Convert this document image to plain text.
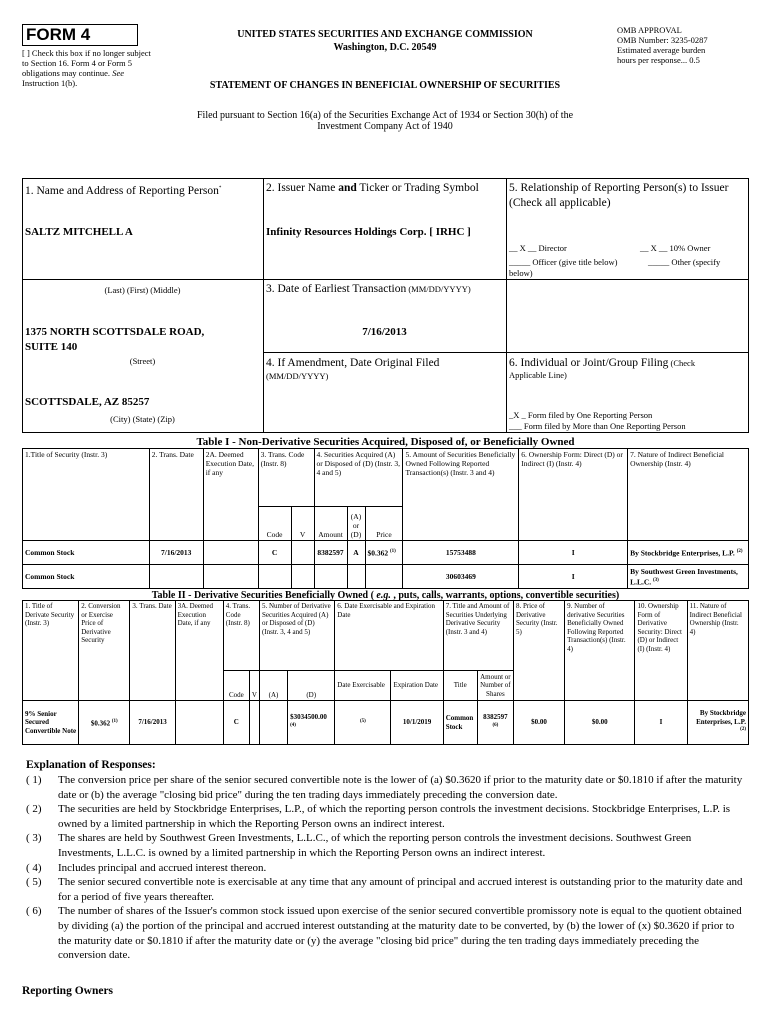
FORM 4
[ ] Check this box if no longer subject to Section 16. Form 4 or Form 5 obligations may continue. See Instruction 1(b).
UNITED STATES SECURITIES AND EXCHANGE COMMISSION
Washington, D.C. 20549
STATEMENT OF CHANGES IN BENEFICIAL OWNERSHIP OF SECURITIES
OMB APPROVAL
OMB Number: 3235-0287
Estimated average burden
hours per response... 0.5
Filed pursuant to Section 16(a) of the Securities Exchange Act of 1934 or Section 30(h) of the
Investment Company Act of 1940
1. Name and Address of Reporting Person*
SALTZ MITCHELL A
(Last) (First) (Middle)
1375 NORTH SCOTTSDALE ROAD,
SUITE 140
(Street)
SCOTTSDALE, AZ 85257
(City) (State) (Zip)
2. Issuer Name and Ticker or Trading Symbol
Infinity Resources Holdings Corp. [ IRHC ]
3. Date of Earliest Transaction (MM/DD/YYYY)
7/16/2013
4. If Amendment, Date Original Filed
(MM/DD/YYYY)
5. Relationship of Reporting Person(s) to Issuer
(Check all applicable)
__ X __ Director	__ X __ 10% Owner
_____ Officer (give title below)	_____ Other (specify
below)
6. Individual or Joint/Group Filing (Check
Applicable Line)
_X _ Form filed by One Reporting Person
___ Form filed by More than One Reporting Person
Table I - Non-Derivative Securities Acquired, Disposed of, or Beneficially Owned
1.Title of Security (Instr. 3)	2. Trans. Date	2A. Deemed Execution Date, if any	3. Trans. Code (Instr. 8)		4. Securities Acquired (A) or Disposed of (D) (Instr. 3, 4 and 5)			5. Amount of Securities Beneficially Owned Following Reported Transaction(s) (Instr. 3 and 4)	6. Ownership Form: Direct (D) or Indirect (I) (Instr. 4)	7. Nature of Indirect Beneficial Ownership (Instr. 4)
			Code	V	Amount	(A) or (D)	Price			
Common Stock	7/16/2013		C		8382597	A	$0.362 $^{(1)}$	15753488	I	By Stockbridge Enterprises, L.P. $^{(2)}$
Common Stock								30603469	I	By Southwest Green Investments, L.L.C. $^{(3)}$
Table II - Derivative Securities Beneficially Owned ( e.g. , puts, calls, warrants, options, convertible securities)
1. Title of Derivate Security (Instr. 3)	2. Conversion or Exercise Price of Derivative Security	3. Trans. Date	3A. Deemed Execution Date, if any	4. Trans. Code (Instr. 8)		5. Number of Derivative Securities Acquired (A) or Disposed of (D) (Instr. 3, 4 and 5)		6. Date Exercisable and Expiration Date		7. Title and Amount of Securities Underlying Derivative Security (Instr. 3 and 4)		8. Price of Derivative Security (Instr. 5)	9. Number of derivative Securities Beneficially Owned Following Reported Transaction(s) (Instr. 4)	10. Ownership Form of Derivative Security: Direct (D) or Indirect (I) (Instr. 4)	11. Nature of Indirect Beneficial Ownership (Instr. 4)
				Code	V	(A)	(D)	Date Exercisable	Expiration Date	Title	Amount or Number of Shares				
9% Senior Secured Convertible Note	$0.362 $^{(1)}$	7/16/2013		C			$3034500.00 $^{(4)}$	$^{(5)}$	10/1/2019	Common Stock	8382597 $^{(6)}$	$0.00	$0.00	I	By Stockbridge Enterprises, L.P. $^{(2)}$
Explanation of Responses:
( 1)	The conversion price per share of the senior secured convertible note is the lower of (a) $0.3620 if prior to the maturity date or $0.1810 if after the maturity date or (b) the average "closing bid price" during the ten trading days immediately preceding the conversion date.
( 2)	The securities are held by Stockbridge Enterprises, L.P., of which the reporting person controls the investment decisions. Stockbridge Enterprises, L.P. is owned by a limited partnership in which the Reporting Person owns an indirect interest.
( 3)	The shares are held by Southwest Green Investments, L.L.C., of which the reporting person controls the investment decisions. Southwest Green Investments, L.L.C. is owned by a limited partnership in which the Reporting Person owns an indirect interest.
( 4)	Includes principal and accrued interest thereon.
( 5)	The senior secured convertible note is exercisable at any time that any amount of principal and accrued interest is outstanding prior to the maturity date and for a period of five years thereafter.
( 6)	The number of shares of the Issuer's common stock issued upon exercise of the senior secured convertible promissory note is equal to the quotient obtained by dividing (a) the portion of the principal and accrued interest outstanding at the maturity date to be converted, by (b) the lower of (x) $0.3620 if prior to the maturity date or $0.1810 if after the maturity date or (y) the average "closing bid price" during the ten trading days immediately preceding the conversion date.
Reporting Owners
